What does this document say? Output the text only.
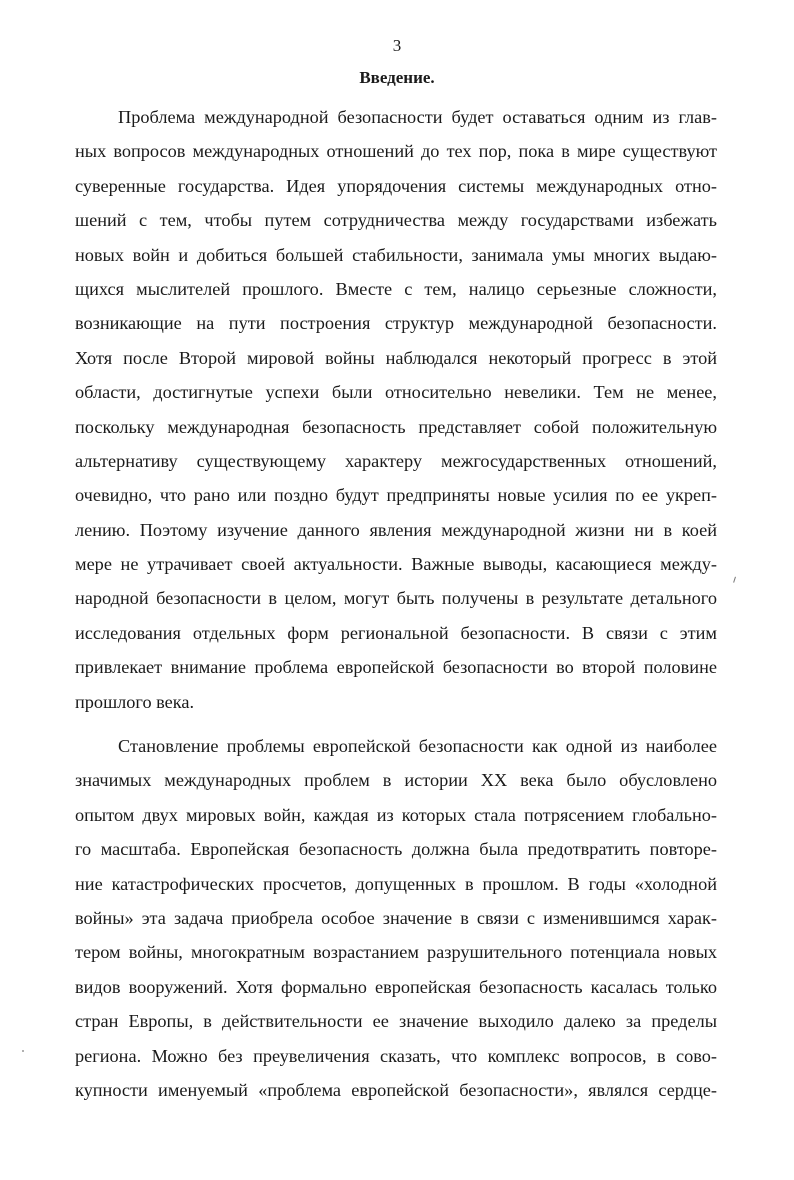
3
Введение.
Проблема международной безопасности будет оставаться одним из глав-
ных вопросов международных отношений до тех пор, пока в мире существуют
суверенные государства. Идея упорядочения системы международных отно-
шений с тем, чтобы путем сотрудничества между государствами избежать
новых войн и добиться большей стабильности, занимала умы многих выдаю-
щихся мыслителей прошлого. Вместе с тем, налицо серьезные сложности,
возникающие на пути построения структур международной безопасности.
Хотя после Второй мировой войны наблюдался некоторый прогресс в этой
области, достигнутые успехи были относительно невелики. Тем не менее,
поскольку международная безопасность представляет собой положительную
альтернативу существующему характеру межгосударственных отношений,
очевидно, что рано или поздно будут предприняты новые усилия по ее укреп-
лению. Поэтому изучение данного явления международной жизни ни в коей
мере не утрачивает своей актуальности. Важные выводы, касающиеся между-
народной безопасности в целом, могут быть получены в результате детального
исследования отдельных форм региональной безопасности. В связи с этим
привлекает внимание проблема европейской безопасности во второй половине
прошлого века.
Становление проблемы европейской безопасности как одной из наиболее
значимых международных проблем в истории XX века было обусловлено
опытом двух мировых войн, каждая из которых стала потрясением глобально-
го масштаба. Европейская безопасность должна была предотвратить повторе-
ние катастрофических просчетов, допущенных в прошлом. В годы «холодной
войны» эта задача приобрела особое значение в связи с изменившимся харак-
тером войны, многократным возрастанием разрушительного потенциала новых
видов вооружений. Хотя формально европейская безопасность касалась только
стран Европы, в действительности ее значение выходило далеко за пределы
региона. Можно без преувеличения сказать, что комплекс вопросов, в сово-
купности именуемый «проблема европейской безопасности», являлся сердце-
